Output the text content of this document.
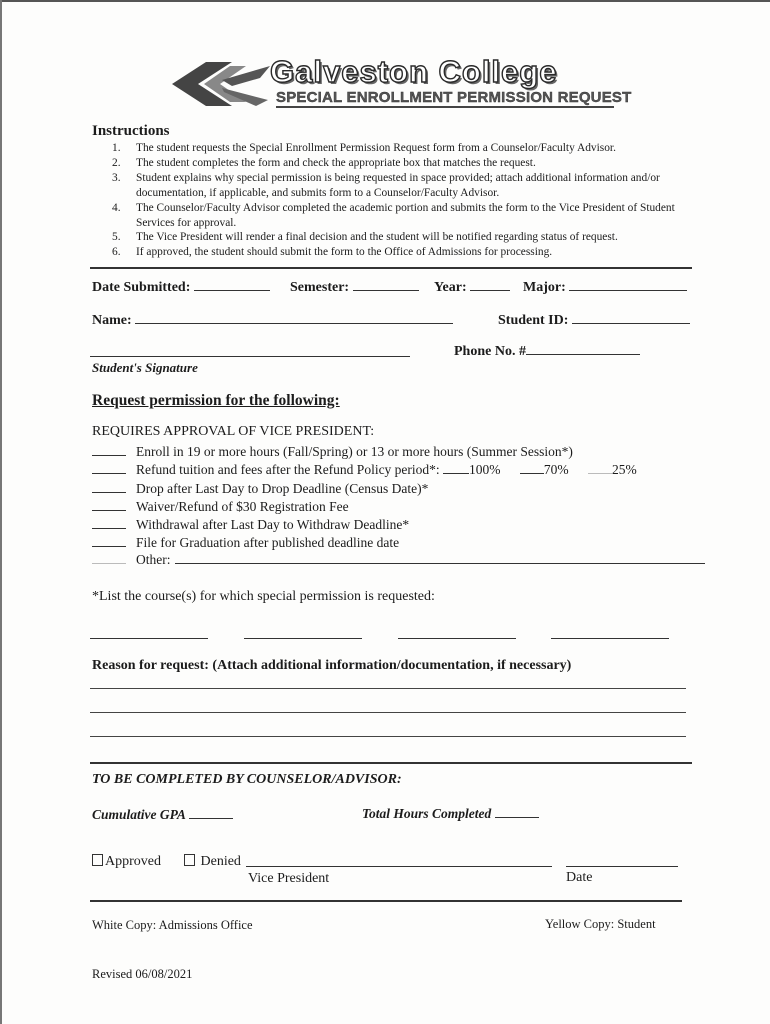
Galveston College
SPECIAL ENROLLMENT PERMISSION REQUEST
Instructions
1. The student requests the Special Enrollment Permission Request form from a Counselor/Faculty Advisor.
2. The student completes the form and check the appropriate box that matches the request.
3. Student explains why special permission is being requested in space provided; attach additional information and/or documentation, if applicable, and submits form to a Counselor/Faculty Advisor.
4. The Counselor/Faculty Advisor completed the academic portion and submits the form to the Vice President of Student Services for approval.
5. The Vice President will render a final decision and the student will be notified regarding status of request.
6. If approved, the student should submit the form to the Office of Admissions for processing.
Date Submitted:	Semester:	Year:	Major:
Name:	Student ID:
Student's Signature
Phone No. #
Request permission for the following:
REQUIRES APPROVAL OF VICE PRESIDENT:
Enroll in 19 or more hours (Fall/Spring) or 13 or more hours (Summer Session*)
Refund tuition and fees after the Refund Policy period*: 100%	70%	25%
Drop after Last Day to Drop Deadline (Census Date)*
Waiver/Refund of $30 Registration Fee
Withdrawal after Last Day to Withdraw Deadline*
File for Graduation after published deadline date
Other:
*List the course(s) for which special permission is requested:
Reason for request: (Attach additional information/documentation, if necessary)
TO BE COMPLETED BY COUNSELOR/ADVISOR:
Cumulative GPA	Total Hours Completed
Approved	Denied
Vice President	Date
White Copy: Admissions Office	Yellow Copy: Student
Revised 06/08/2021
